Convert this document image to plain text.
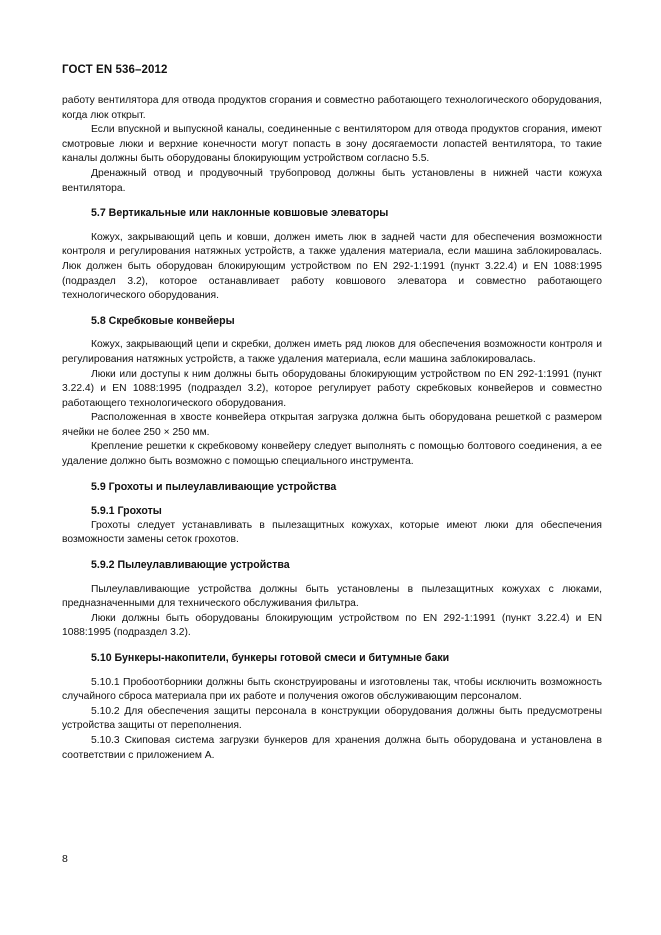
ГОСТ EN 536–2012

работу вентилятора для отвода продуктов сгорания и совместно работающего технологического оборудования, когда люк открыт.

Если впускной и выпускной каналы, соединенные с вентилятором для отвода продуктов сгорания, имеют смотровые люки и верхние конечности могут попасть в зону досягаемости лопастей вентилятора, то такие каналы должны быть оборудованы блокирующим устройством согласно 5.5.

Дренажный отвод и продувочный трубопровод должны быть установлены в нижней части кожуха вентилятора.

5.7 Вертикальные или наклонные ковшовые элеваторы

Кожух, закрывающий цепь и ковши, должен иметь люк в задней части для обеспечения возможности контроля и регулирования натяжных устройств, а также удаления материала, если машина заблокировалась. Люк должен быть оборудован блокирующим устройством по EN 292-1:1991 (пункт 3.22.4) и EN 1088:1995 (подраздел 3.2), которое останавливает работу ковшового элеватора и совместно работающего технологического оборудования.

5.8 Скребковые конвейеры

Кожух, закрывающий цепи и скребки, должен иметь ряд люков для обеспечения возможности контроля и регулирования натяжных устройств, а также удаления материала, если машина заблокировалась.

Люки или доступы к ним должны быть оборудованы блокирующим устройством по EN 292-1:1991 (пункт 3.22.4) и EN 1088:1995 (подраздел 3.2), которое регулирует работу скребковых конвейеров и совместно работающего технологического оборудования.

Расположенная в хвосте конвейера открытая загрузка должна быть оборудована решеткой с размером ячейки не более 250 × 250 мм.

Крепление решетки к скребковому конвейеру следует выполнять с помощью болтового соединения, а ее удаление должно быть возможно с помощью специального инструмента.

5.9 Грохоты и пылеулавливающие устройства
5.9.1 Грохоты

Грохоты следует устанавливать в пылезащитных кожухах, которые имеют люки для обеспечения возможности замены сеток грохотов.

5.9.2 Пылеулавливающие устройства

Пылеулавливающие устройства должны быть установлены в пылезащитных кожухах с люками, предназначенными для технического обслуживания фильтра.

Люки должны быть оборудованы блокирующим устройством по EN 292-1:1991 (пункт 3.22.4) и EN 1088:1995 (подраздел 3.2).

5.10 Бункеры-накопители, бункеры готовой смеси и битумные баки

5.10.1 Пробоотборники должны быть сконструированы и изготовлены так, чтобы исключить возможность случайного сброса материала при их работе и получения ожогов обслуживающим персоналом.

5.10.2 Для обеспечения защиты персонала в конструкции оборудования должны быть предусмотрены устройства защиты от переполнения.

5.10.3 Скиповая система загрузки бункеров для хранения должна быть оборудована и установлена в соответствии с приложением А.

8
